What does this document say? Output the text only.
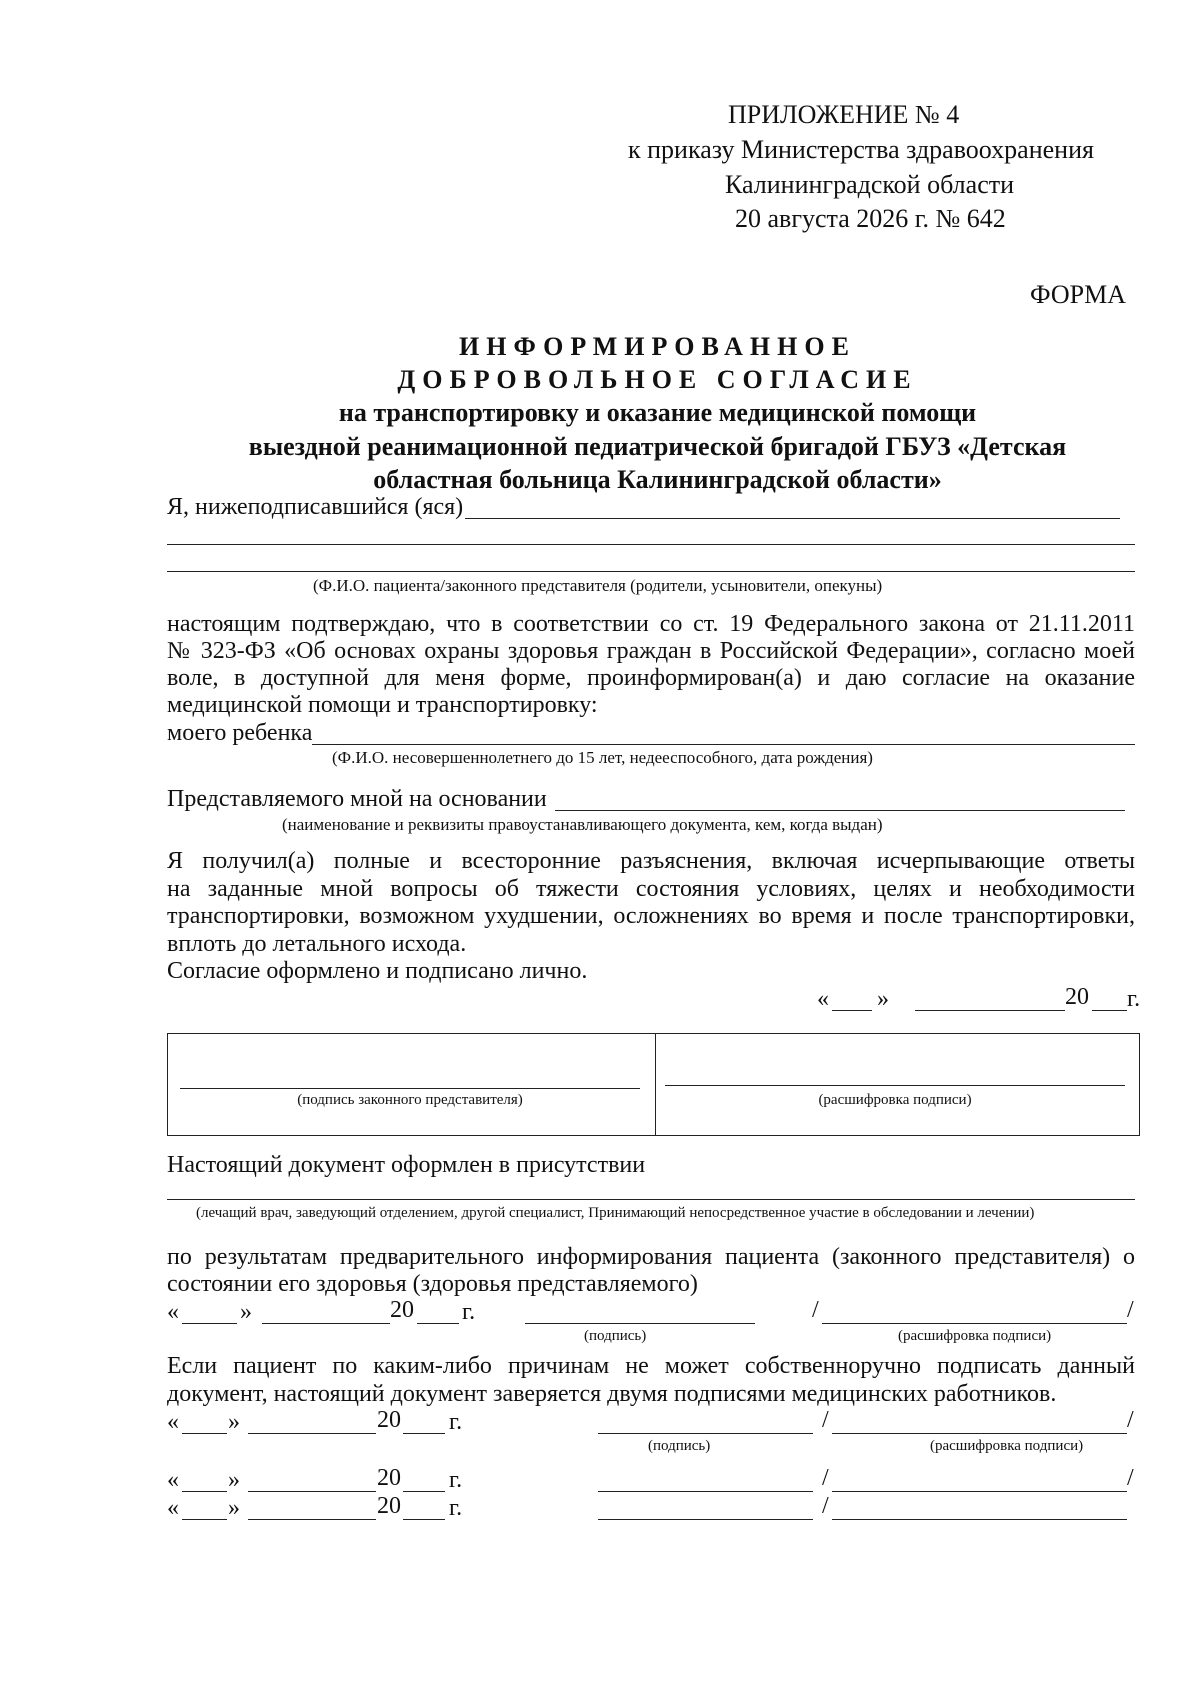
ПРИЛОЖЕНИЕ № 4
к приказу Министерства здравоохранения
Калининградской области
20 августа 2026 г. № 642
ФОРМА
ИНФОРМИРОВАННОЕ
ДОБРОВОЛЬНОЕ СОГЛАСИЕ
на транспортировку и оказание медицинской помощи
выездной реанимационной педиатрической бригадой ГБУЗ «Детская
областная больница Калининградской области»
Я, нижеподписавшийся (яся)
(Ф.И.О. пациента/законного представителя (родители, усыновители, опекуны)
настоящим подтверждаю, что в соответствии со ст. 19 Федерального закона от 21.11.2011
№ 323-ФЗ «Об основах охраны здоровья граждан в Российской Федерации», согласно моей
воле, в доступной для меня форме, проинформирован(а) и даю согласие на оказание
медицинской помощи и транспортировку:
моего ребенка
(Ф.И.О. несовершеннолетнего до 15 лет, недееспособного, дата рождения)
Представляемого мной на основании
(наименование и реквизиты правоустанавливающего документа, кем, когда выдан)
Я получил(а) полные и всесторонние разъяснения, включая исчерпывающие ответы
на заданные мной вопросы об тяжести состояния условиях, целях и необходимости
транспортировки, возможном ухудшении, осложнениях во время и после транспортировки,
вплоть до летального исхода.
Согласие оформлено и подписано лично.
« »	20 г.
(подпись законного представителя)	(расшифровка подписи)
Настоящий документ оформлен в присутствии
(лечащий врач, заведующий отделением, другой специалист, Принимающий непосредственное участие в обследовании и лечении)
по результатам предварительного информирования пациента (законного представителя) о
состоянии его здоровья (здоровья представляемого)
«	»	20 г.	/	/
(подпись)	(расшифровка подписи)
Если пациент по каким-либо причинам не может собственноручно подписать данный
документ, настоящий документ заверяется двумя подписями медицинских работников.
« »	20 г.	/	/
(подпись)	(расшифровка подписи)
« »	20 г.	/	/
« »	20 г.	/
